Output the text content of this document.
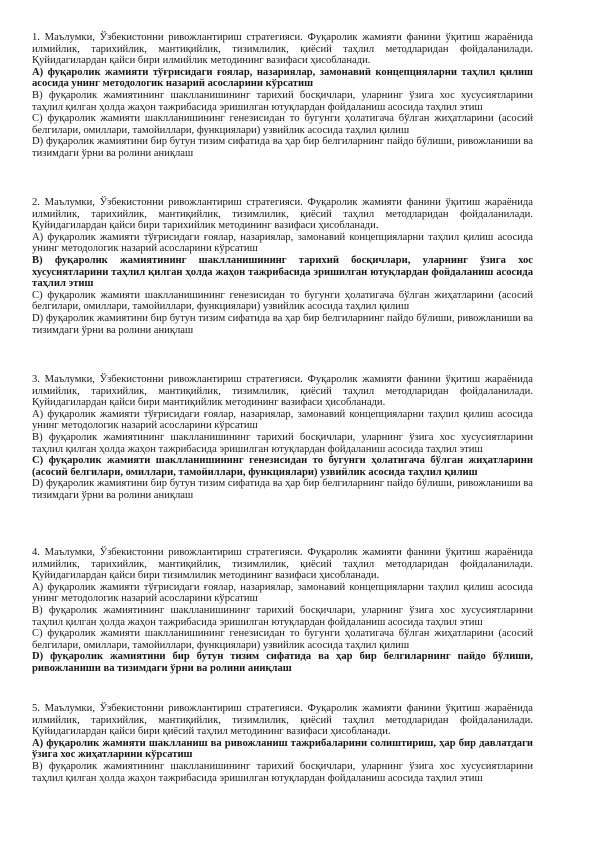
1. Маълумки, Ўзбекистонни ривожлантириш стратегияси. Фуқаролик жамияти фанини ўқитиш жараёнида илмийлик, тарихийлик, мантиқийлик, тизимлилик, қиёсий таҳлил методларидан фойдаланилади. Қуйидагилардан қайси бири илмийлик методининг вазифаси ҳисобланади.

A) фуқаролик жамияти тўғрисидаги ғоялар, назариялар, замонавий концепцияларни таҳлил қилиш асосида унинг методологик назарий асосларини кўрсатиш

B) фуқаролик жамиятининг шаклланишининг тарихий босқичлари, уларнинг ўзига хос хусусиятларини таҳлил қилган ҳолда жаҳон тажрибасида эришилган ютуқлардан фойдаланиш асосида таҳлил этиш

C) фуқаролик жамияти шаклланишининг генезисидан то бугунги ҳолатигача бўлган жиҳатларини (асосий белгилари, омиллари, тамойиллари, функциялари) узвийлик асосида таҳлил қилиш

D) фуқаролик жамиятини бир бутун тизим сифатида ва ҳар бир белгиларнинг пайдо бўлиши, ривожланиши ва тизимдаги ўрни ва ролини аниқлаш

2. Маълумки, Ўзбекистонни ривожлантириш стратегияси. Фуқаролик жамияти фанини ўқитиш жараёнида илмийлик, тарихийлик, мантиқийлик, тизимлилик, қиёсий таҳлил методларидан фойдаланилади. Қуйидагилардан қайси бири тарихийлик методининг вазифаси ҳисобланади.

A) фуқаролик жамияти тўғрисидаги ғоялар, назариялар, замонавий концепцияларни таҳлил қилиш асосида унинг методологик назарий асосларини кўрсатиш

B) фуқаролик жамиятининг шаклланишининг тарихий босқичлари, уларнинг ўзига хос хусусиятларини таҳлил қилган ҳолда жаҳон тажрибасида эришилган ютуқлардан фойдаланиш асосида таҳлил этиш

C) фуқаролик жамияти шаклланишининг генезисидан то бугунги ҳолатигача бўлган жиҳатларини (асосий белгилари, омиллари, тамойиллари, функциялари) узвийлик асосида таҳлил қилиш

D) фуқаролик жамиятини бир бутун тизим сифатида ва ҳар бир белгиларнинг пайдо бўлиши, ривожланиши ва тизимдаги ўрни ва ролини аниқлаш

3. Маълумки, Ўзбекистонни ривожлантириш стратегияси. Фуқаролик жамияти фанини ўқитиш жараёнида илмийлик, тарихийлик, мантиқийлик, тизимлилик, қиёсий таҳлил методларидан фойдаланилади. Қуйидагилардан қайси бири мантиқийлик методининг вазифаси ҳисобланади.

A) фуқаролик жамияти тўғрисидаги ғоялар, назариялар, замонавий концепцияларни таҳлил қилиш асосида унинг методологик назарий асосларини кўрсатиш

B) фуқаролик жамиятининг шаклланишининг тарихий босқичлари, уларнинг ўзига хос хусусиятларини таҳлил қилган ҳолда жаҳон тажрибасида эришилган ютуқлардан фойдаланиш асосида таҳлил этиш

C) фуқаролик жамияти шаклланишининг генезисидан то бугунги ҳолатигача бўлган жиҳатларини (асосий белгилари, омиллари, тамойиллари, функциялари) узвийлик асосида таҳлил қилиш

D) фуқаролик жамиятини бир бутун тизим сифатида ва ҳар бир белгиларнинг пайдо бўлиши, ривожланиши ва тизимдаги ўрни ва ролини аниқлаш

4. Маълумки, Ўзбекистонни ривожлантириш стратегияси. Фуқаролик жамияти фанини ўқитиш жараёнида илмийлик, тарихийлик, мантиқийлик, тизимлилик, қиёсий таҳлил методларидан фойдаланилади. Қуйидагилардан қайси бири тизимлилик методининг вазифаси ҳисобланади.

A) фуқаролик жамияти тўғрисидаги ғоялар, назариялар, замонавий концепцияларни таҳлил қилиш асосида унинг методологик назарий асосларини кўрсатиш

B) фуқаролик жамиятининг шаклланишининг тарихий босқичлари, уларнинг ўзига хос хусусиятларини таҳлил қилган ҳолда жаҳон тажрибасида эришилган ютуқлардан фойдаланиш асосида таҳлил этиш

C) фуқаролик жамияти шаклланишининг генезисидан то бугунги ҳолатигача бўлган жиҳатларини (асосий белгилари, омиллари, тамойиллари, функциялари) узвийлик асосида таҳлил қилиш

D) фуқаролик жамиятини бир бутун тизим сифатида ва ҳар бир белгиларнинг пайдо бўлиши, ривожланиши ва тизимдаги ўрни ва ролини аниқлаш

5. Маълумки, Ўзбекистонни ривожлантириш стратегияси. Фуқаролик жамияти фанини ўқитиш жараёнида илмийлик, тарихийлик, мантиқийлик, тизимлилик, қиёсий таҳлил методларидан фойдаланилади. Қуйидагилардан қайси бири қиёсий таҳлил методининг вазифаси ҳисобланади.

A) фуқаролик жамияти шаклланиш ва ривожланиш тажрибаларини солиштириш, ҳар бир давлатдаги ўзига хос жиҳатларини кўрсатиш

B) фуқаролик жамиятининг шаклланишининг тарихий босқичлари, уларнинг ўзига хос хусусиятларини таҳлил қилган ҳолда жаҳон тажрибасида эришилган ютуқлардан фойдаланиш асосида таҳлил этиш
